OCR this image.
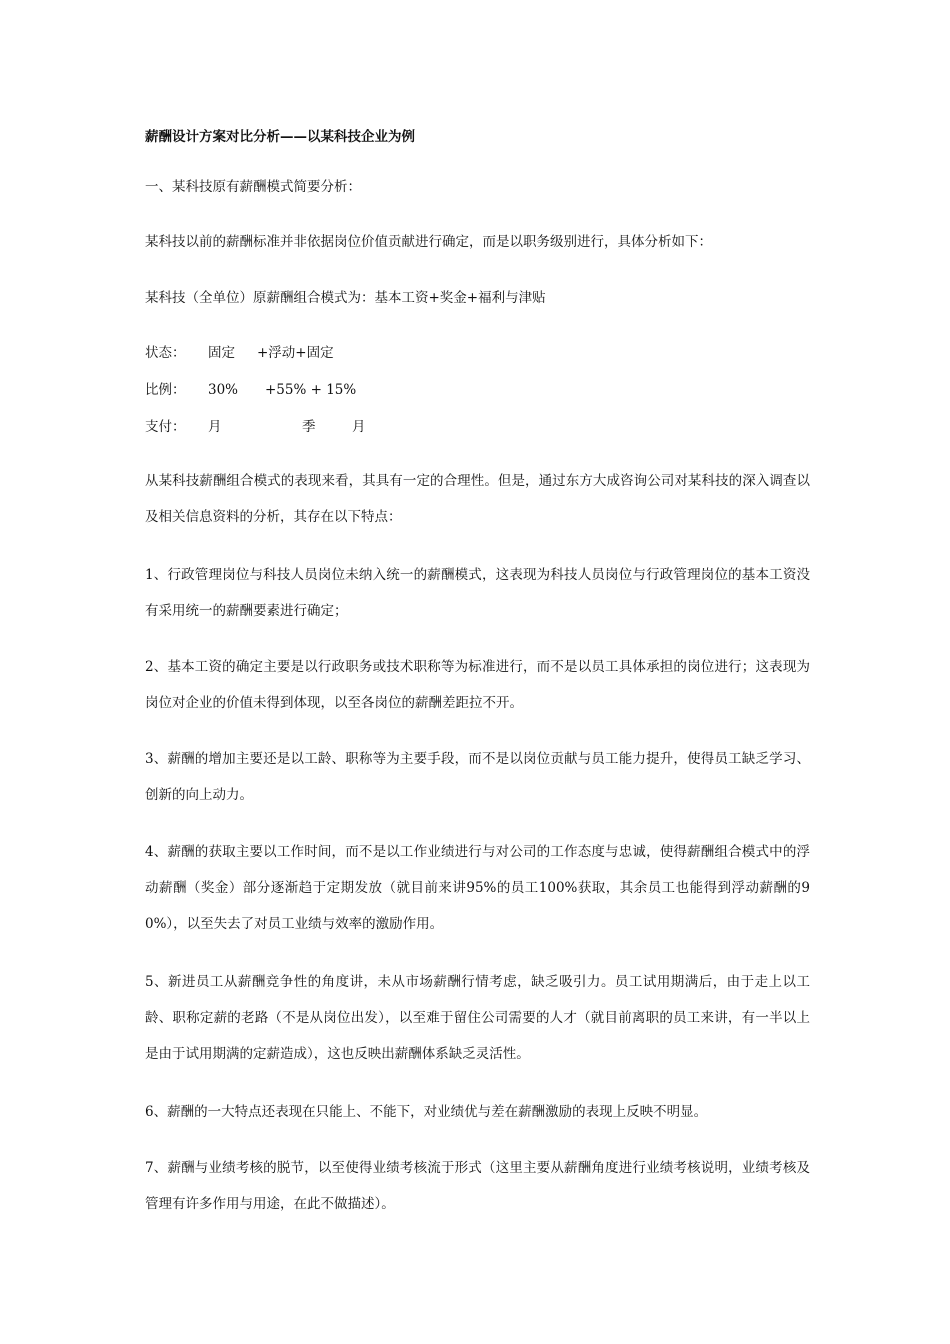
薪酬设计方案对比分析——以某科技企业为例
一、某科技原有薪酬模式简要分析：
某科技以前的薪酬标准并非依据岗位价值贡献进行确定，而是以职务级别进行，具体分析如下：
某科技（全单位）原薪酬组合模式为：基本工资+奖金+福利与津贴
状态： 固定 +浮动+固定
比例： 30% +55% + 15%
支付： 月	季	月
从某科技薪酬组合模式的表现来看，其具有一定的合理性。但是，通过东方大成咨询公司对某科技的深入调查以及相关信息资料的分析，其存在以下特点：
1、行政管理岗位与科技人员岗位未纳入统一的薪酬模式，这表现为科技人员岗位与行政管理岗位的基本工资没有采用统一的薪酬要素进行确定；
2、基本工资的确定主要是以行政职务或技术职称等为标准进行，而不是以员工具体承担的岗位进行；这表现为岗位对企业的价值未得到体现，以至各岗位的薪酬差距拉不开。
3、薪酬的增加主要还是以工龄、职称等为主要手段，而不是以岗位贡献与员工能力提升，使得员工缺乏学习、创新的向上动力。
4、薪酬的获取主要以工作时间，而不是以工作业绩进行与对公司的工作态度与忠诚，使得薪酬组合模式中的浮动薪酬（奖金）部分逐渐趋于定期发放（就目前来讲95%的员工100%获取，其余员工也能得到浮动薪酬的90%），以至失去了对员工业绩与效率的激励作用。
5、新进员工从薪酬竞争性的角度讲，未从市场薪酬行情考虑，缺乏吸引力。员工试用期满后，由于走上以工龄、职称定薪的老路（不是从岗位出发），以至难于留住公司需要的人才（就目前离职的员工来讲，有一半以上是由于试用期满的定薪造成），这也反映出薪酬体系缺乏灵活性。
6、薪酬的一大特点还表现在只能上、不能下，对业绩优与差在薪酬激励的表现上反映不明显。
7、薪酬与业绩考核的脱节，以至使得业绩考核流于形式（这里主要从薪酬角度进行业绩考核说明，业绩考核及管理有许多作用与用途，在此不做描述）。
